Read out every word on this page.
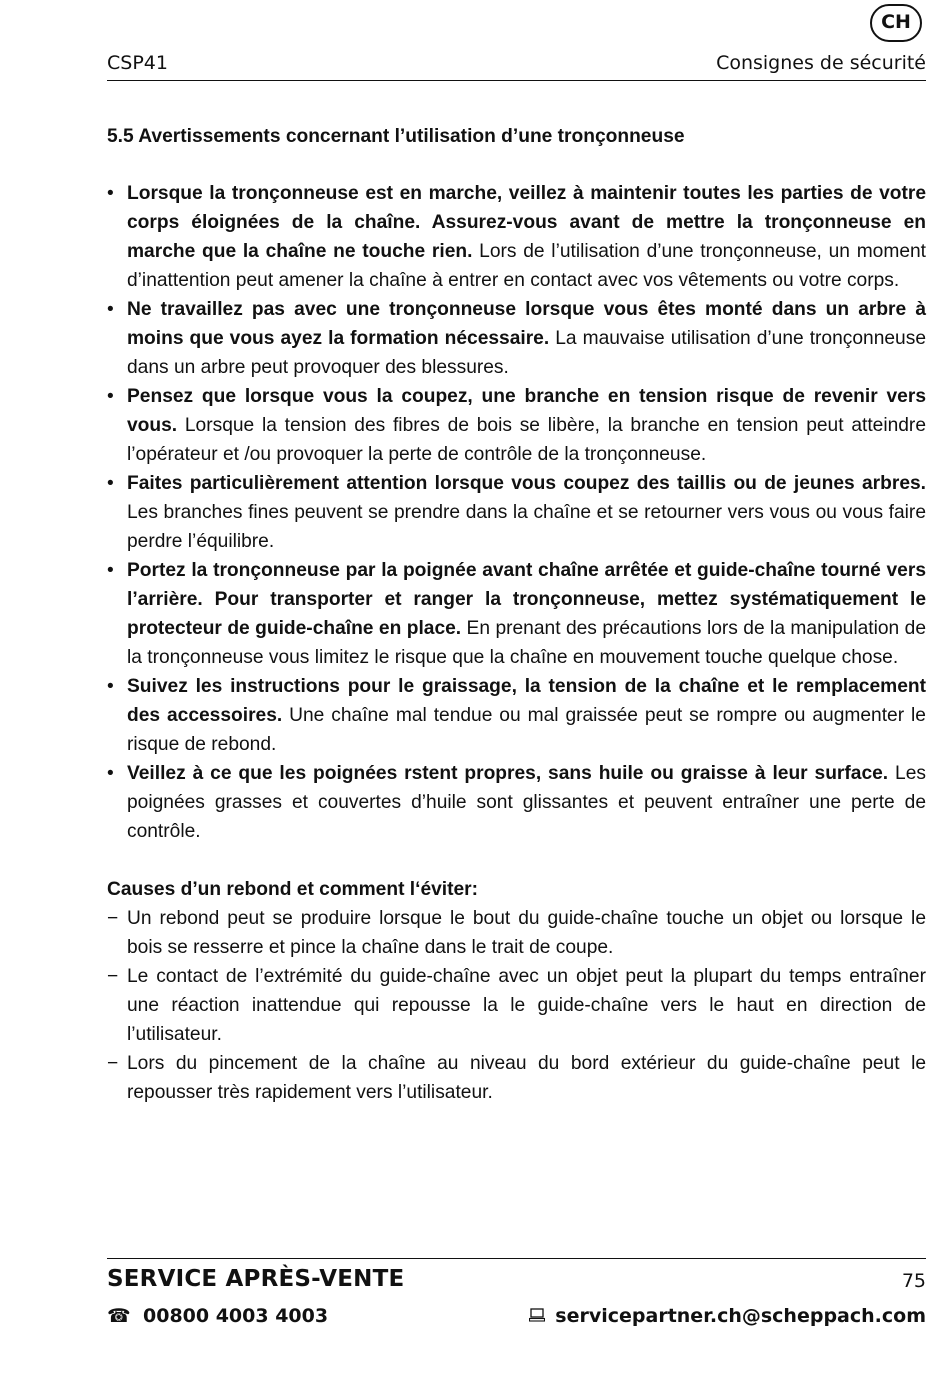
CH
CSP41	Consignes de sécurité
5.5 Avertissements concernant l’utilisation d’une tronçonneuse
• Lorsque la tronçonneuse est en marche, veillez à maintenir toutes les parties de votre corps éloignées de la chaîne. Assurez-vous avant de mettre la tronçonneuse en marche que la chaîne ne touche rien. Lors de l’utilisation d’une tronçonneuse, un moment d’inattention peut amener la chaîne à entrer en contact avec vos vêtements ou votre corps.
• Ne travaillez pas avec une tronçonneuse lorsque vous êtes monté dans un arbre à moins que vous ayez la formation nécessaire. La mauvaise utilisation d’une tronçonneuse dans un arbre peut provoquer des blessures.
• Pensez que lorsque vous la coupez, une branche en tension risque de revenir vers vous. Lorsque la tension des fibres de bois se libère, la branche en tension peut atteindre l’opérateur et /ou provoquer la perte de contrôle de la tronçonneuse.
• Faites particulièrement attention lorsque vous coupez des taillis ou de jeunes arbres. Les branches fines peuvent se prendre dans la chaîne et se retourner vers vous ou vous faire perdre l’équilibre.
• Portez la tronçonneuse par la poignée avant chaîne arrêtée et guide-chaîne tourné vers l’arrière. Pour transporter et ranger la tronçonneuse, mettez systématiquement le protecteur de guide-chaîne en place. En prenant des précautions lors de la manipulation de la tronçonneuse vous limitez le risque que la chaîne en mouvement touche quelque chose.
• Suivez les instructions pour le graissage, la tension de la chaîne et le remplacement des accessoires. Une chaîne mal tendue ou mal graissée peut se rompre ou augmenter le risque de rebond.
• Veillez à ce que les poignées rstent propres, sans huile ou graisse à leur surface. Les poignées grasses et couvertes d’huile sont glissantes et peuvent entraîner une perte de contrôle.
Causes d’un rebond et comment l‘éviter:
− Un rebond peut se produire lorsque le bout du guide-chaîne touche un objet ou lorsque le bois se resserre et pince la chaîne dans le trait de coupe.
− Le contact de l’extrémité du guide-chaîne avec un objet peut la plupart du temps entraîner une réaction inattendue qui repousse la le guide-chaîne vers le haut en direction de l’utilisateur.
− Lors du pincement de la chaîne au niveau du bord extérieur du guide-chaîne peut le repousser très rapidement vers l’utilisateur.
SERVICE APRÈS-VENTE	75
☎ 00800 4003 4003	servicepartner.ch@scheppach.com
